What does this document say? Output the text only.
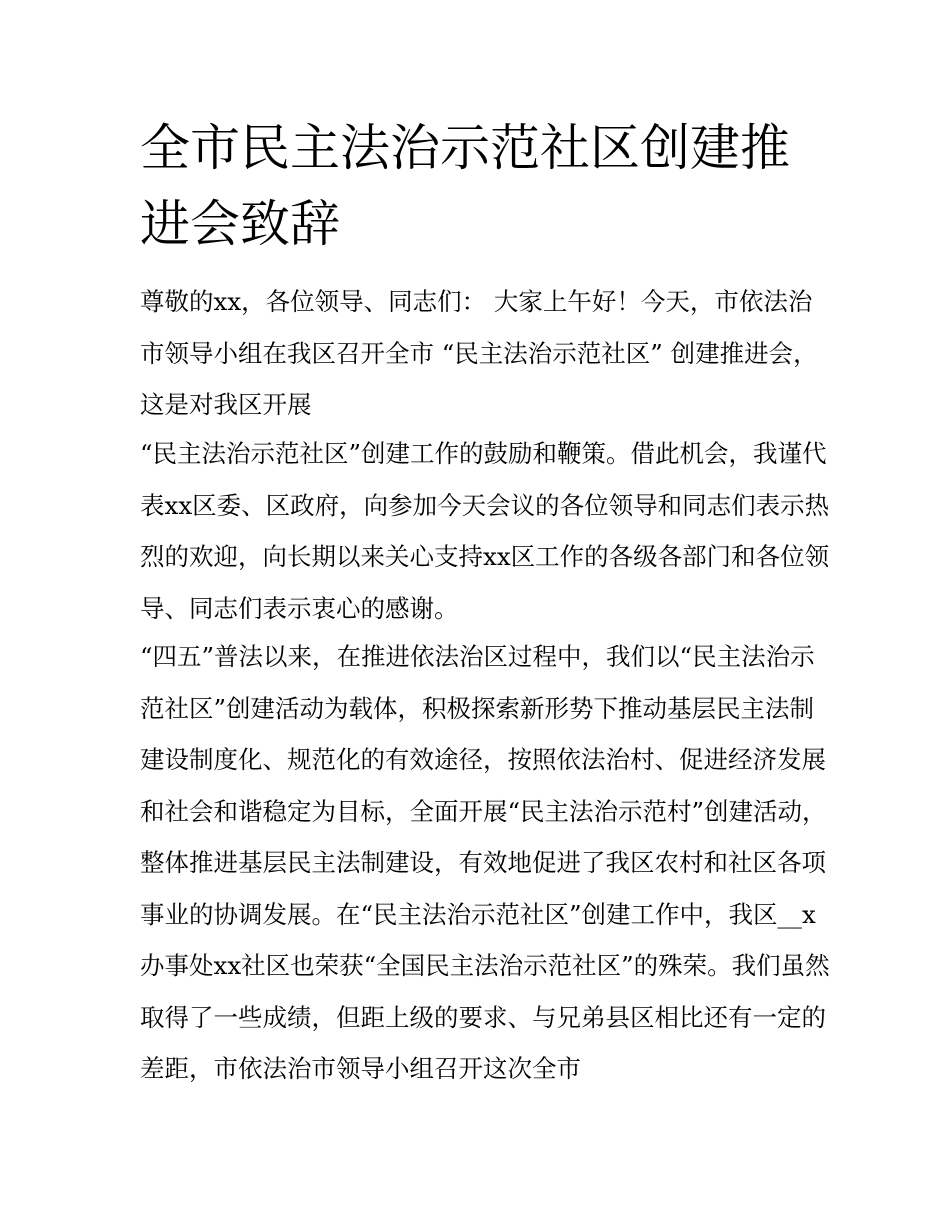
全市民主法治示范社区创建推进会致辞

尊敬的xx，各位领导、同志们： 大家上午好！今天，市依法治市领导小组在我区召开全市 “民主法治示范社区” 创建推进会，这是对我区开展

“民主法治示范社区”创建工作的鼓励和鞭策。借此机会，我谨代表xx区委、区政府，向参加今天会议的各位领导和同志们表示热烈的欢迎，向长期以来关心支持xx区工作的各级各部门和各位领导、同志们表示衷心的感谢。

“四五”普法以来，在推进依法治区过程中，我们以“民主法治示范社区”创建活动为载体，积极探索新形势下推动基层民主法制建设制度化、规范化的有效途径，按照依法治村、促进经济发展和社会和谐稳定为目标，全面开展“民主法治示范村”创建活动，整体推进基层民主法制建设，有效地促进了我区农村和社区各项事业的协调发展。在“民主法治示范社区”创建工作中，我区__x办事处xx社区也荣获“全国民主法治示范社区”的殊荣。我们虽然取得了一些成绩，但距上级的要求、与兄弟县区相比还有一定的差距，市依法治市领导小组召开这次全市
